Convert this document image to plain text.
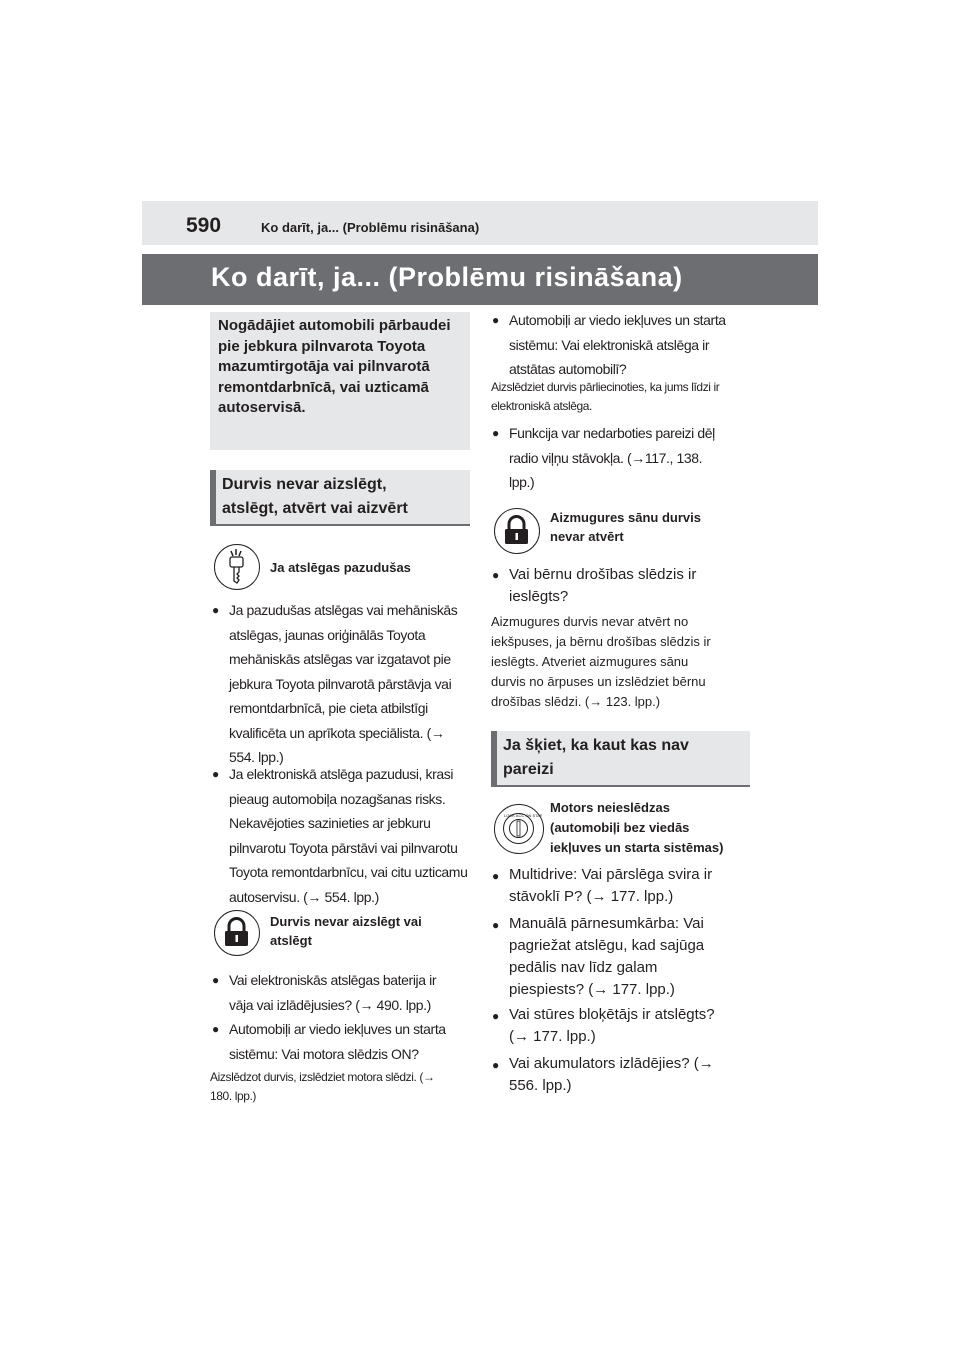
590	Ko darīt, ja... (Problēmu risināšana)
Ko darīt, ja... (Problēmu risināšana)
Nogādājiet automobili pārbaudei pie jebkura pilnvarota Toyota mazumtirgotāja vai pilnvarotā remontdarbnīcā, vai uzticamā autoservisā.
Durvis nevar aizslēgt,
atslēgt, atvērt vai aizvērt
Ja atslēgas pazudušas
● Ja pazudušas atslēgas vai mehāniskās
atslēgas, jaunas oriģinālās Toyota
mehāniskās atslēgas var izgatavot pie
jebkura Toyota pilnvarotā pārstāvja vai
remontdarbnīcā, pie cieta atbilstīgi
kvalificēta un aprīkota speciālista. (→
554. lpp.)
● Ja elektroniskā atslēga pazudusi, krasi
pieaug automobiļa nozagšanas risks.
Nekavējoties sazinieties ar jebkuru
pilnvarotu Toyota pārstāvi vai pilnvarotu
Toyota remontdarbnīcu, vai citu uzticamu
autoservisu. (→ 554. lpp.)
Durvis nevar aizslēgt vai
atslēgt
● Vai elektroniskās atslēgas baterija ir
vāja vai izlādējusies? (→ 490. lpp.)
● Automobiļi ar viedo iekļuves un starta
sistēmu: Vai motora slēdzis ON?
Aizslēdzot durvis, izslēdziet motora slēdzi. (→
180. lpp.)
● Automobiļi ar viedo iekļuves un starta
sistēmu: Vai elektroniskā atslēga ir
atstātas automobilī?
Aizslēdziet durvis pārliecinoties, ka jums līdzi ir
elektroniskā atslēga.
● Funkcija var nedarboties pareizi dēļ
radio viļņu stāvokļa. (→117., 138.
lpp.)
Aizmugures sānu durvis
nevar atvērt
● Vai bērnu drošības slēdzis ir
ieslēgts?
Aizmugures durvis nevar atvērt no
iekšpuses, ja bērnu drošības slēdzis ir
ieslēgts. Atveriet aizmugures sānu
durvis no ārpuses un izslēdziet bērnu
drošības slēdzi. (→ 123. lpp.)
Ja šķiet, ka kaut kas nav
pareizi
LOCK ACC ON START
Motors neieslēdzas
(automobiļi bez viedās
iekļuves un starta sistēmas)
● Multidrive: Vai pārslēga svira ir
stāvoklī P? (→ 177. lpp.)
● Manuālā pārnesumkārba: Vai
pagriežat atslēgu, kad sajūga
pedālis nav līdz galam
piespiests? (→ 177. lpp.)
● Vai stūres bloķētājs ir atslēgts?
(→ 177. lpp.)
● Vai akumulators izlādējies? (→
556. lpp.)
